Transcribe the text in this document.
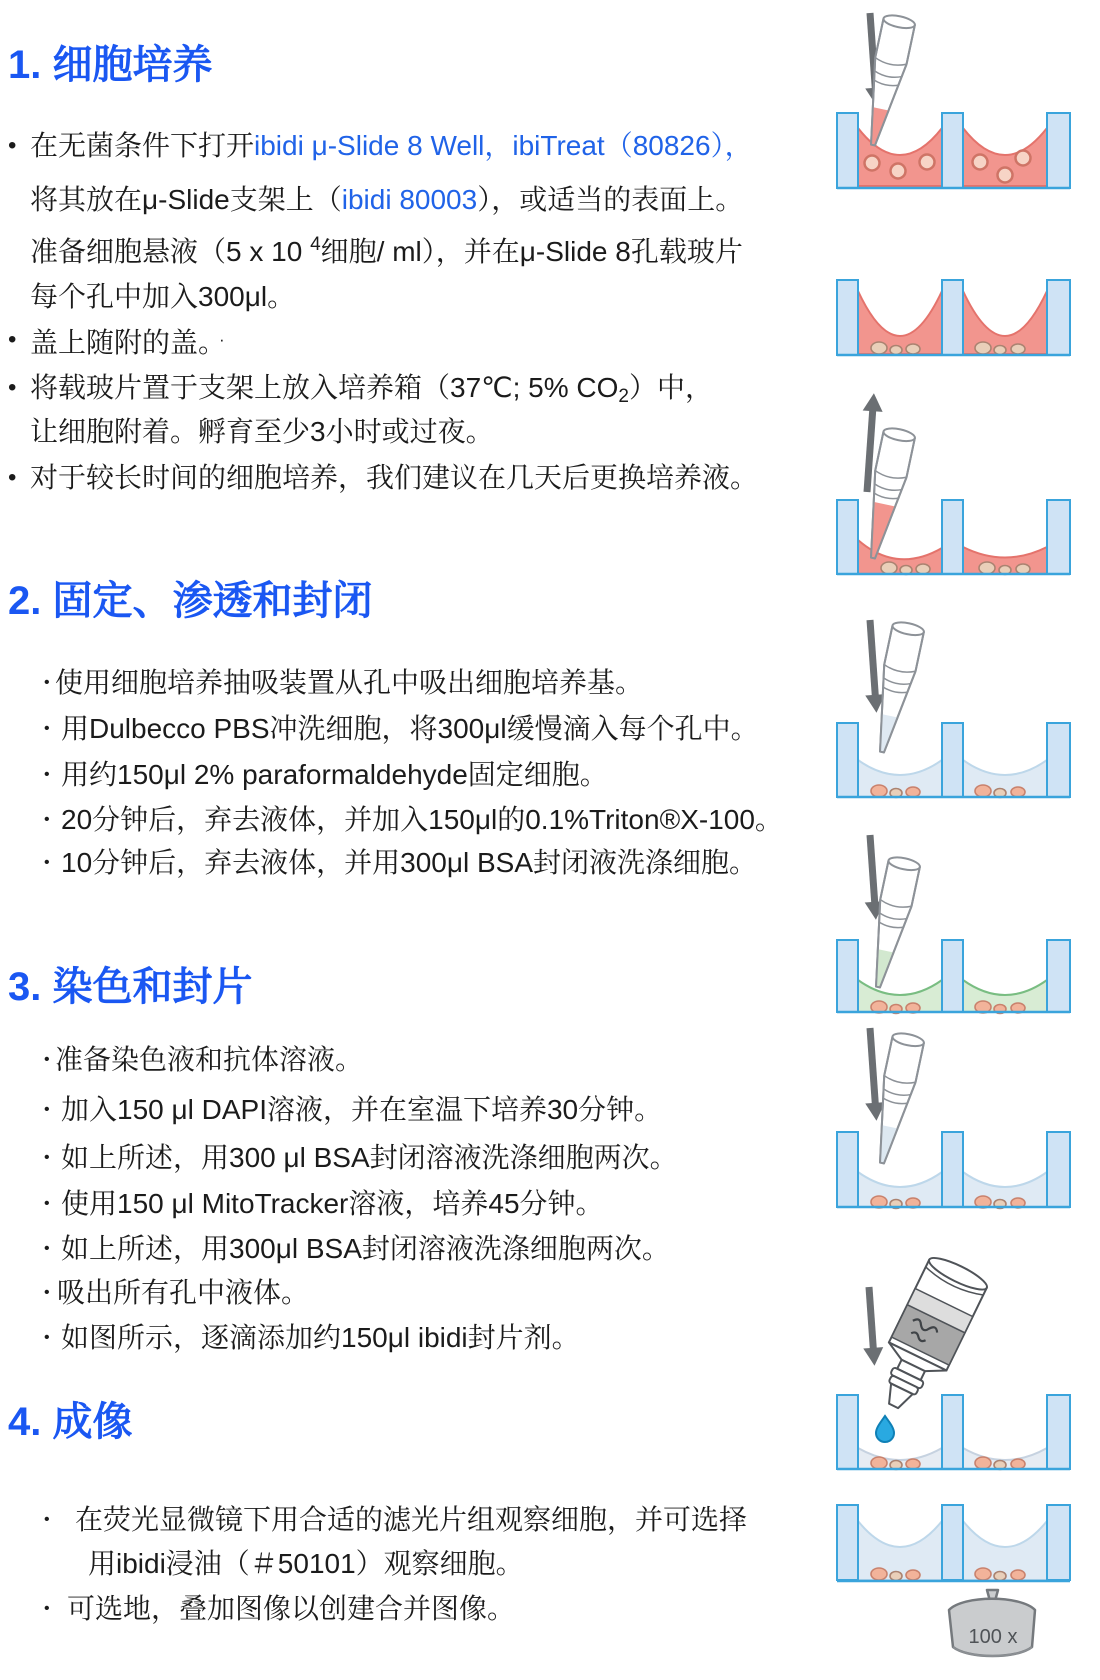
1. 细胞培养
• 在无菌条件下打开ibidi μ-Slide 8 Well，ibiTreat（80826），
将其放在μ-Slide支架上（ibidi 80003），或适当的表面上。
准备细胞悬液（5 x 10 $^4$细胞/ ml），并在μ-Slide 8孔载玻片
每个孔中加入300μl。
• 盖上随附的盖。 ·
• 将载玻片置于支架上放入培养箱（37℃; 5% CO2）中，
让细胞附着。孵育至少3小时或过夜。
• 对于较长时间的细胞培养，我们建议在几天后更换培养液。
2. 固定、渗透和封闭
• 使用细胞培养抽吸装置从孔中吸出细胞培养基。
• 用Dulbecco PBS冲洗细胞，将300μl缓慢滴入每个孔中。
• 用约150μl 2% paraformaldehyde固定细胞。
• 20分钟后，弃去液体，并加入150μl的0.1%Triton®X-100。
• 10分钟后，弃去液体，并用300μl BSA封闭液洗涤细胞。
3. 染色和封片
• 准备染色液和抗体溶液。
• 加入150 μl DAPI溶液，并在室温下培养30分钟。
• 如上所述，用300 μl BSA封闭溶液洗涤细胞两次。
• 使用150 μl MitoTracker溶液，培养45分钟。
• 如上所述，用300μl BSA封闭溶液洗涤细胞两次。
• 吸出所有孔中液体。
• 如图所示，逐滴添加约150μl ibidi封片剂。
4. 成像
• 在荧光显微镜下用合适的滤光片组观察细胞，并可选择
用ibidi浸油（＃50101）观察细胞。
• 可选地，叠加图像以创建合并图像。
100 x
